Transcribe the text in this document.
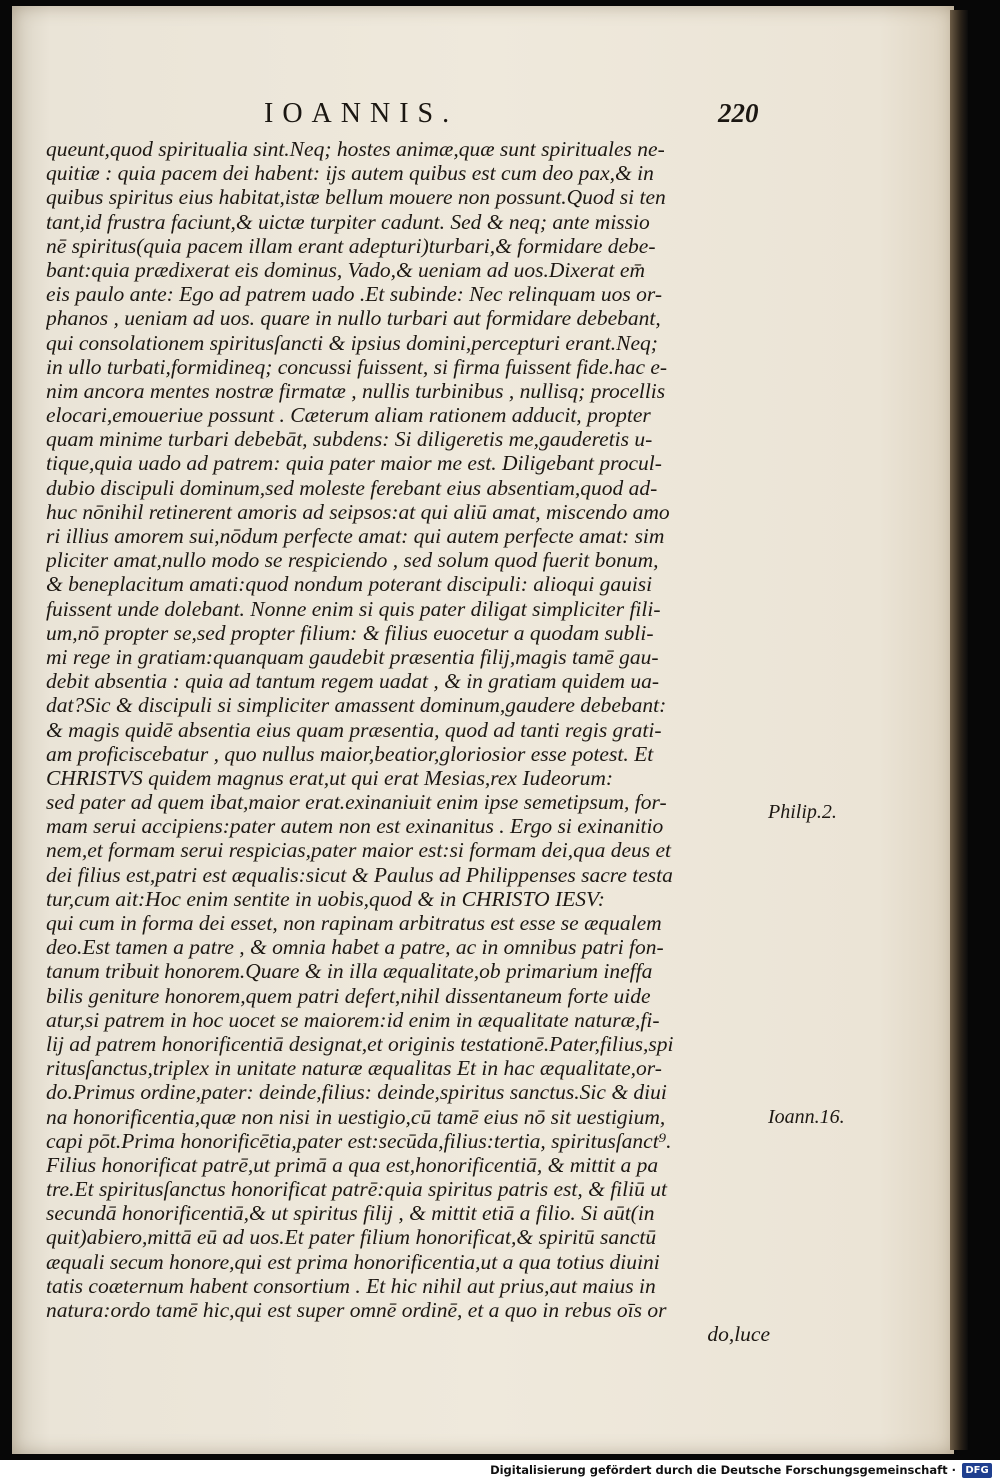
IOANNIS.	220
queunt,quod spiritualia sint.Neq; hostes animæ,quæ sunt spirituales ne-
quitiæ : quia pacem dei habent: ijs autem quibus est cum deo pax,& in
quibus spiritus eius habitat,istæ bellum mouere non possunt.Quod si ten
tant,id frustra faciunt,& uictæ turpiter cadunt. Sed & neq; ante missio
nē spiritus(quia pacem illam erant adepturi)turbari,& formidare debe-
bant:quia prædixerat eis dominus, Vado,& ueniam ad uos.Dixerat em̄
eis paulo ante: Ego ad patrem uado .Et subinde: Nec relinquam uos or-
phanos , ueniam ad uos. quare in nullo turbari aut formidare debebant,
qui consolationem spiritusſancti & ipsius domini,percepturi erant.Neq;
in ullo turbati,formidineq; concussi fuissent, si firma fuissent fide.hac e-
nim ancora mentes nostræ firmatæ , nullis turbinibus , nullisq; procellis
elocari,emoueriue possunt . Cæterum aliam rationem adducit, propter
quam minime turbari debebāt, subdens: Si diligeretis me,gauderetis u-
tique,quia uado ad patrem: quia pater maior me est. Diligebant procul-
dubio discipuli dominum,sed moleste ferebant eius absentiam,quod ad-
huc nōnihil retinerent amoris ad seipsos:at qui aliū amat, miscendo amo
ri illius amorem sui,nōdum perfecte amat: qui autem perfecte amat: sim
pliciter amat,nullo modo se respiciendo , sed solum quod fuerit bonum,
& beneplacitum amati:quod nondum poterant discipuli: alioqui gauisi
fuissent unde dolebant. Nonne enim si quis pater diligat simpliciter fili-
um,nō propter se,sed propter filium: & filius euocetur a quodam subli-
mi rege in gratiam:quanquam gaudebit præsentia filij,magis tamē gau-
debit absentia : quia ad tantum regem uadat , & in gratiam quidem ua-
dat?Sic & discipuli si simpliciter amassent dominum,gaudere debebant:
& magis quidē absentia eius quam præsentia, quod ad tanti regis grati-
am proficiscebatur , quo nullus maior,beatior,gloriosior esse potest. Et
CHRISTVS quidem magnus erat,ut qui erat Mesias,rex Iudeorum:
sed pater ad quem ibat,maior erat.exinaniuit enim ipse semetipsum, for-
mam serui accipiens:pater autem non est exinanitus . Ergo si exinanitio
nem,et formam serui respicias,pater maior est:si formam dei,qua deus et
dei filius est,patri est æqualis:sicut & Paulus ad Philippenses sacre testa
tur,cum ait:Hoc enim sentite in uobis,quod & in CHRISTO IESV:
qui cum in forma dei esset, non rapinam arbitratus est esse se æqualem
deo.Est tamen a patre , & omnia habet a patre, ac in omnibus patri fon-
tanum tribuit honorem.Quare & in illa æqualitate,ob primarium ineffa
bilis geniture honorem,quem patri defert,nihil dissentaneum forte uide
atur,si patrem in hoc uocet se maiorem:id enim in æqualitate naturæ,fi-
lij ad patrem honorificentiā designat,et originis testationē.Pater,filius,spi
ritusſanctus,triplex in unitate naturæ æqualitas Et in hac æqualitate,or-
do.Primus ordine,pater: deinde,filius: deinde,spiritus sanctus.Sic & diui
na honorificentia,quæ non nisi in uestigio,cū tamē eius nō sit uestigium,
capi pōt.Prima honorificētia,pater est:secūda,filius:tertia, spiritusſanct⁹.
Filius honorificat patrē,ut primā a qua est,honorificentiā, & mittit a pa
tre.Et spiritusſanctus honorificat patrē:quia spiritus patris est, & filiū ut
secundā honorificentiā,& ut spiritus filij , & mittit etiā a filio. Si aūt(in
quit)abiero,mittā eū ad uos.Et pater filium honorificat,& spiritū sanctū
æquali secum honore,qui est prima honorificentia,ut a qua totius diuini
tatis coæternum habent consortium . Et hic nihil aut prius,aut maius in
natura:ordo tamē hic,qui est super omnē ordinē, et a quo in rebus oīs or
do,luce
Philip.2.
Ioann.16.
Digitalisierung gefördert durch die Deutsche Forschungsgemeinschaft · DFG
